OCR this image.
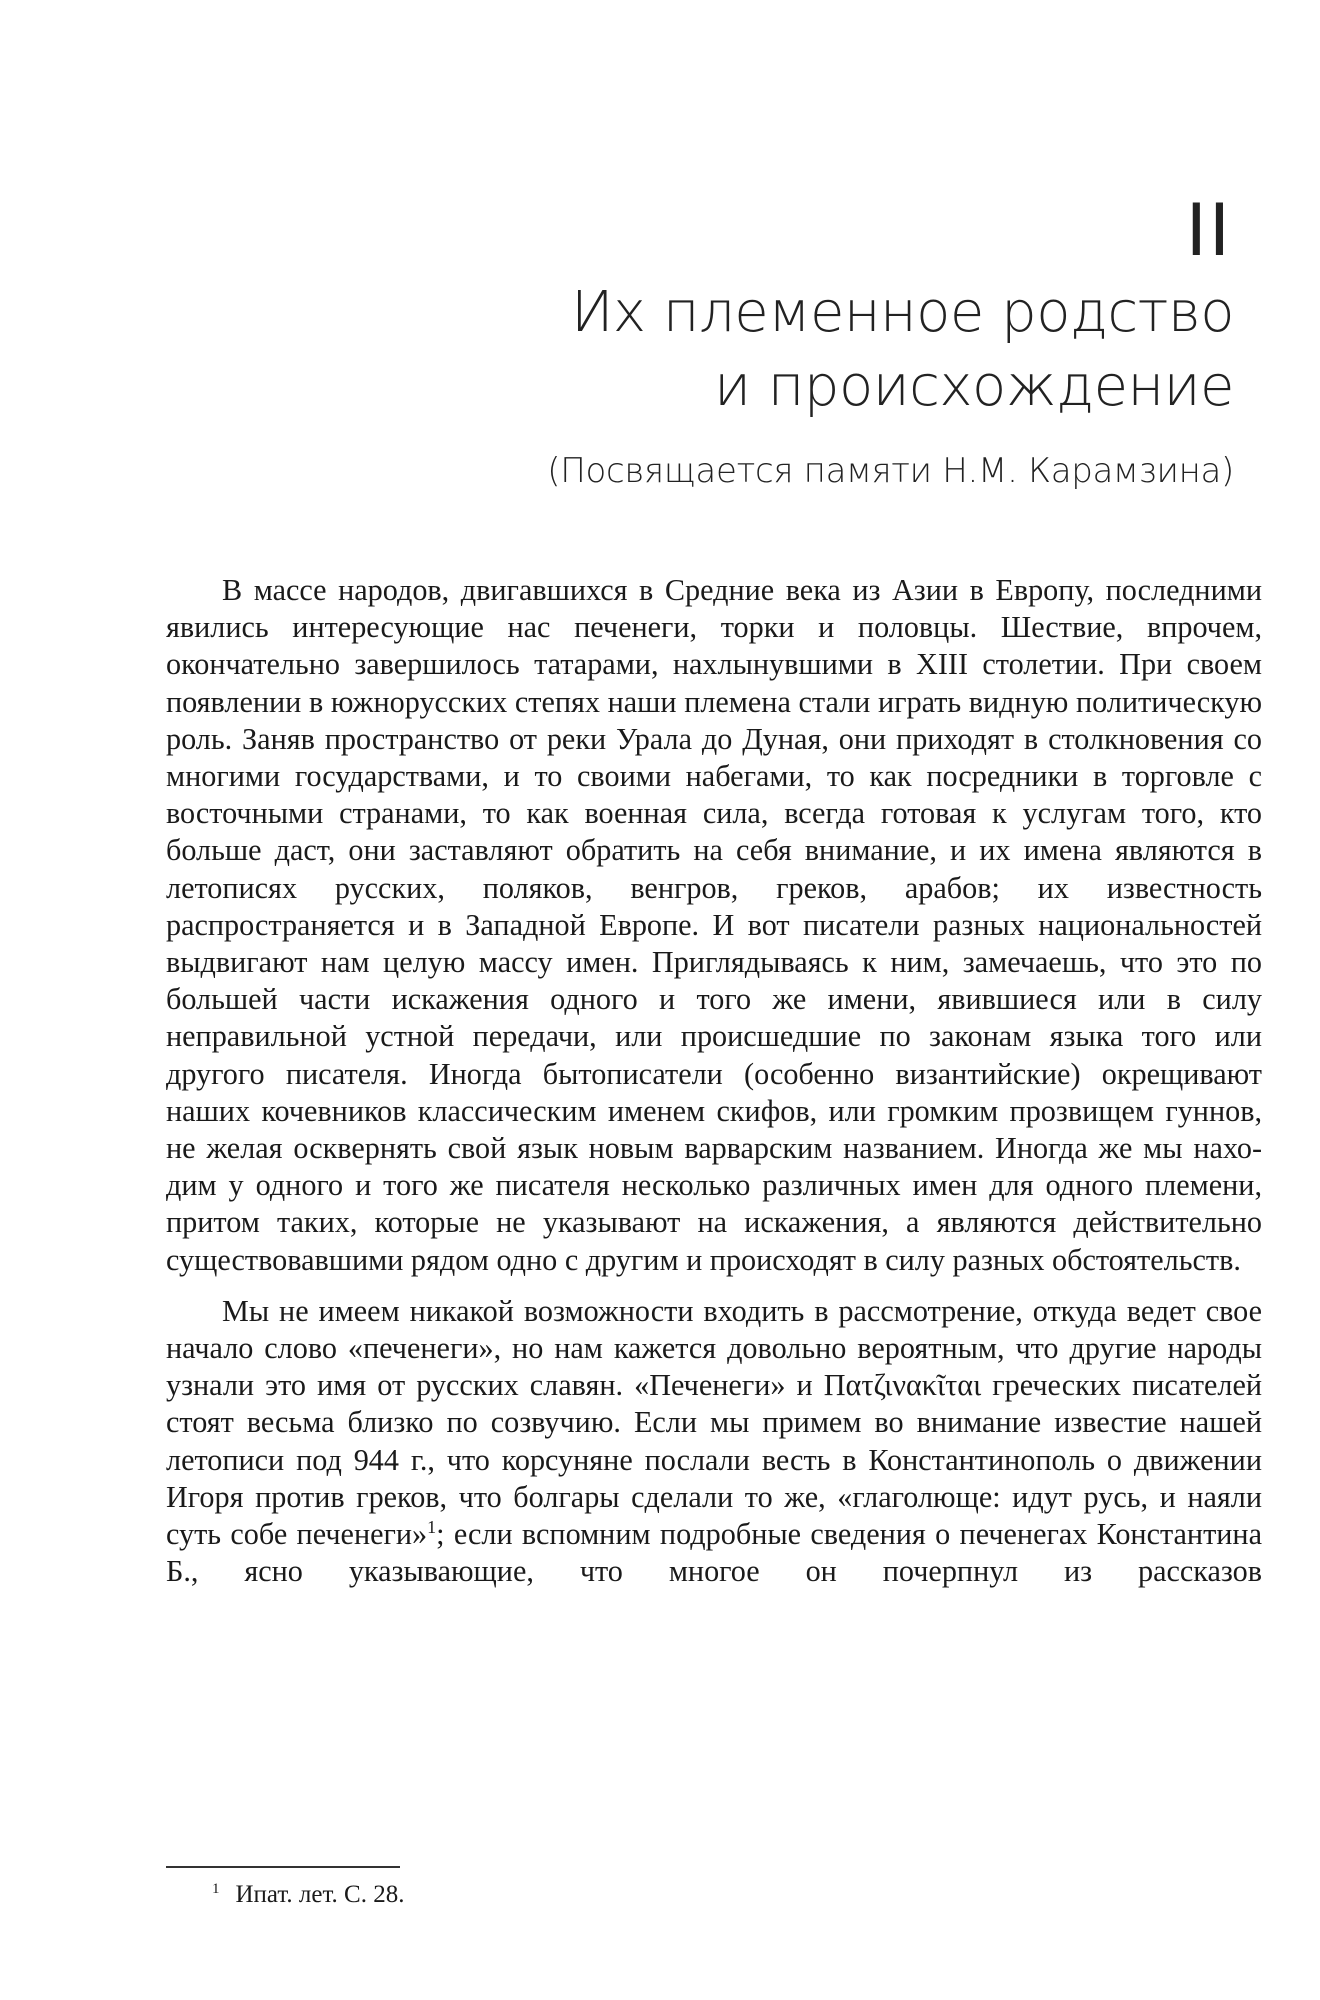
II
Их племенное родство
и происхождение
(Посвящается памяти Н.М. Карамзина)

В массе народов, двигавшихся в Средние века из Азии в Европу, последними явились интересующие нас печенеги, торки и половцы. Шествие, впрочем, окончательно завершилось татарами, нахлынувшими в XIII столетии. При своем появлении в южнорусских степях наши племена стали играть видную политическую роль. Заняв пространство от реки Урала до Дуная, они приходят в столкновения со многими государствами, и то своими набегами, то как посредники в торговле с восточными странами, то как военная сила, всегда готовая к услугам того, кто больше даст, они заставляют обратить на себя внимание, и их имена являются в летописях русских, поляков, венгров, греков, арабов; их известность распространяется и в Западной Европе. И вот писатели разных национальностей выдвигают нам целую массу имен. Приглядываясь к ним, замечаешь, что это по большей части искажения одного и того же имени, явившиеся или в силу неправильной устной передачи, или происшедшие по законам языка того или другого писателя. Иногда бытописатели (особенно византийские) окрещивают наших кочевников классическим именем скифов, или громким прозвищем гуннов, не желая осквернять свой язык новым варварским названием. Иногда же мы находим у одного и того же писателя несколько различных имен для одного племени, притом таких, которые не указывают на искажения, а являются действительно существовавшими рядом одно с другим и происходят в силу разных обстоятельств.

Мы не имеем никакой возможности входить в рассмотрение, откуда ведет свое начало слово «печенеги», но нам кажется довольно вероятным, что другие народы узнали это имя от русских славян. «Печенеги» и Πατζινακῖται греческих писателей стоят весьма близко по созвучию. Если мы примем во внимание известие нашей летописи под 944 г., что корсуняне послали весть в Константинополь о движении Игоря против греков, что болгары сделали то же, «глаголюще: идут русь, и наяли суть собе печенеги»$^1$; если вспомним подробные сведения о печенегах Константина Б., ясно указывающие, что многое он почерпнул из рассказов

$^1$ Ипат. лет. С. 28.
